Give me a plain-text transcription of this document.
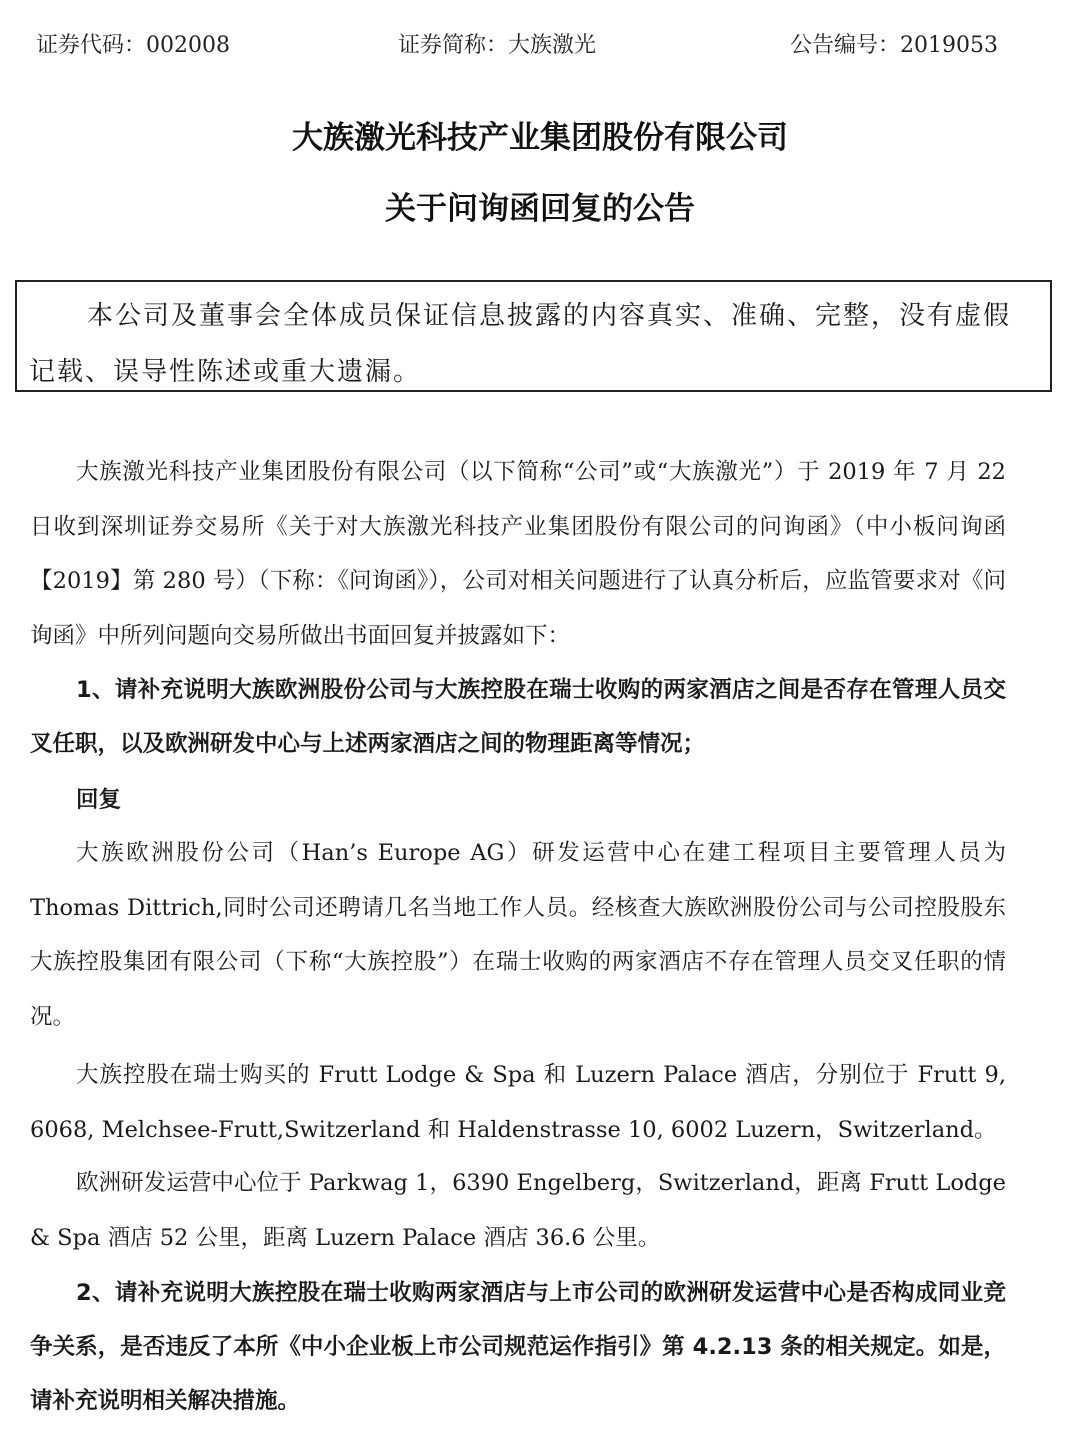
证券代码：002008	证券简称：大族激光	公告编号：2019053
大族激光科技产业集团股份有限公司
关于问询函回复的公告

本公司及董事会全体成员保证信息披露的内容真实、准确、完整，没有虚假记载、误导性陈述或重大遗漏。

大族激光科技产业集团股份有限公司（以下简称“公司”或“大族激光”）于 2019 年 7 月 22 日收到深圳证券交易所《关于对大族激光科技产业集团股份有限公司的问询函》（中小板问询函【2019】第 280 号）（下称：《问询函》），公司对相关问题进行了认真分析后，应监管要求对《问询函》中所列问题向交易所做出书面回复并披露如下：

1、请补充说明大族欧洲股份公司与大族控股在瑞士收购的两家酒店之间是否存在管理人员交叉任职，以及欧洲研发中心与上述两家酒店之间的物理距离等情况；

回复

大族欧洲股份公司（Han’s Europe AG）研发运营中心在建工程项目主要管理人员为 Thomas Dittrich,同时公司还聘请几名当地工作人员。经核查大族欧洲股份公司与公司控股股东大族控股集团有限公司（下称“大族控股”）在瑞士收购的两家酒店不存在管理人员交叉任职的情况。

大族控股在瑞士购买的 Frutt Lodge & Spa 和 Luzern Palace 酒店，分别位于 Frutt 9, 6068, Melchsee-Frutt,Switzerland 和 Haldenstrasse 10, 6002 Luzern，Switzerland。

欧洲研发运营中心位于 Parkwag 1，6390 Engelberg，Switzerland，距离 Frutt Lodge & Spa 酒店 52 公里，距离 Luzern Palace 酒店 36.6 公里。

2、请补充说明大族控股在瑞士收购两家酒店与上市公司的欧洲研发运营中心是否构成同业竞争关系，是否违反了本所《中小企业板上市公司规范运作指引》第 4.2.13 条的相关规定。如是，请补充说明相关解决措施。
